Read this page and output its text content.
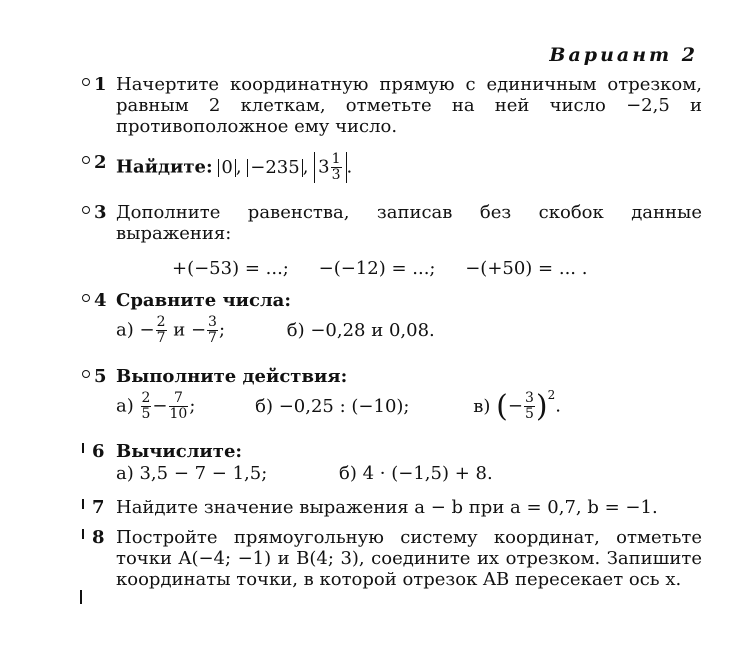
Вариант 2
1 Начертите координатную прямую с единичным отрезком, равным 2 клеткам, отметьте на ней число −2,5 и противоположное ему число.
2 Найдите: 0 , −235 , $3 \frac{1}{3}$ .
3 Дополните равенства, записав без скобок данные выражения:
+(−53) = ...; −(−12) = ...; −(+50) = ... .
4 Сравните числа:
$а) - \frac{2}{7}$ $и - \frac{3}{7}$ ;	б) −0,28 и 0,08.
5 Выполните действия:
$а) \frac{2}{5} - \frac{7}{10}$ ;	б) −0,25 : (−10);	в) (− $\frac{3}{5} )^2$.
6 Вычислите:
а) 3,5 − 7 − 1,5;	б) 4 · (−1,5) + 8.
7 Найдите значение выражения a − b при a = 0,7, b = −1.
8 Постройте прямоугольную систему координат, отметьте точки A(−4; −1) и B(4; 3), соедините их отрезком. Запишите координаты точки, в которой отрезок AB пересекает ось x.
